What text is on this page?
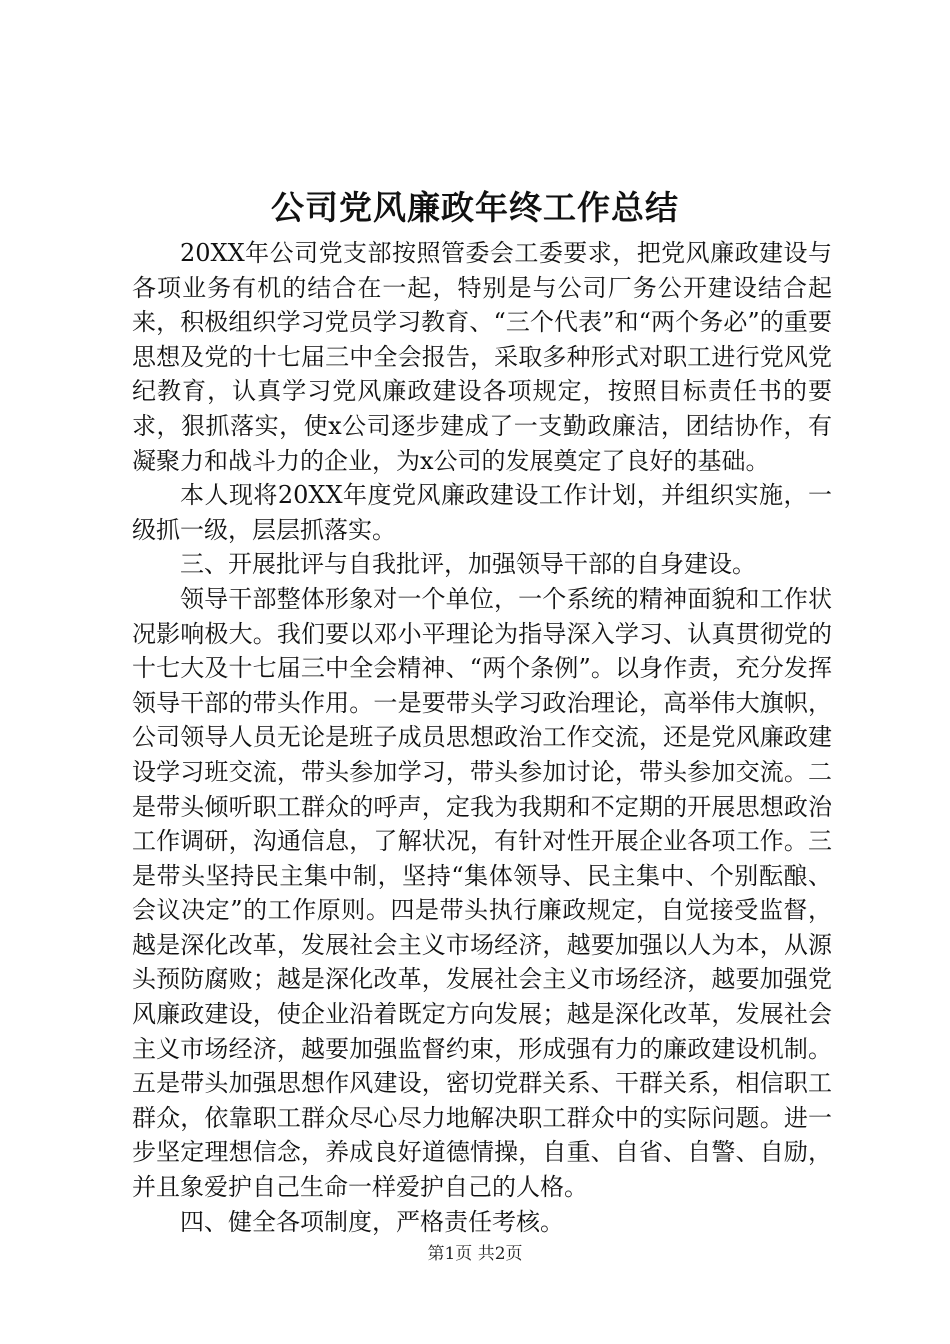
公司党风廉政年终工作总结

20XX年公司党支部按照管委会工委要求，把党风廉政建设与各项业务有机的结合在一起，特别是与公司厂务公开建设结合起来，积极组织学习党员学习教育、“三个代表”和“两个务必”的重要思想及党的十七届三中全会报告，采取多种形式对职工进行党风党纪教育，认真学习党风廉政建设各项规定，按照目标责任书的要求，狠抓落实，使x公司逐步建成了一支勤政廉洁，团结协作，有凝聚力和战斗力的企业，为x公司的发展奠定了良好的基础。

本人现将20XX年度党风廉政建设工作计划，并组织实施，一级抓一级，层层抓落实。

三、开展批评与自我批评，加强领导干部的自身建设。

领导干部整体形象对一个单位，一个系统的精神面貌和工作状况影响极大。我们要以邓小平理论为指导深入学习、认真贯彻党的十七大及十七届三中全会精神、“两个条例”。以身作责，充分发挥领导干部的带头作用。一是要带头学习政治理论，高举伟大旗帜，公司领导人员无论是班子成员思想政治工作交流，还是党风廉政建设学习班交流，带头参加学习，带头参加讨论，带头参加交流。二是带头倾听职工群众的呼声，定我为我期和不定期的开展思想政治工作调研，沟通信息，了解状况，有针对性开展企业各项工作。三是带头坚持民主集中制，坚持“集体领导、民主集中、个别酝酿、会议决定”的工作原则。四是带头执行廉政规定，自觉接受监督，越是深化改革，发展社会主义市场经济，越要加强以人为本，从源头预防腐败；越是深化改革，发展社会主义市场经济，越要加强党风廉政建设，使企业沿着既定方向发展；越是深化改革，发展社会主义市场经济，越要加强监督约束，形成强有力的廉政建设机制。五是带头加强思想作风建设，密切党群关系、干群关系，相信职工群众，依靠职工群众尽心尽力地解决职工群众中的实际问题。进一步坚定理想信念，养成良好道德情操，自重、自省、自警、自励，并且象爱护自己生命一样爱护自己的人格。

四、健全各项制度，严格责任考核。

第1页 共2页
